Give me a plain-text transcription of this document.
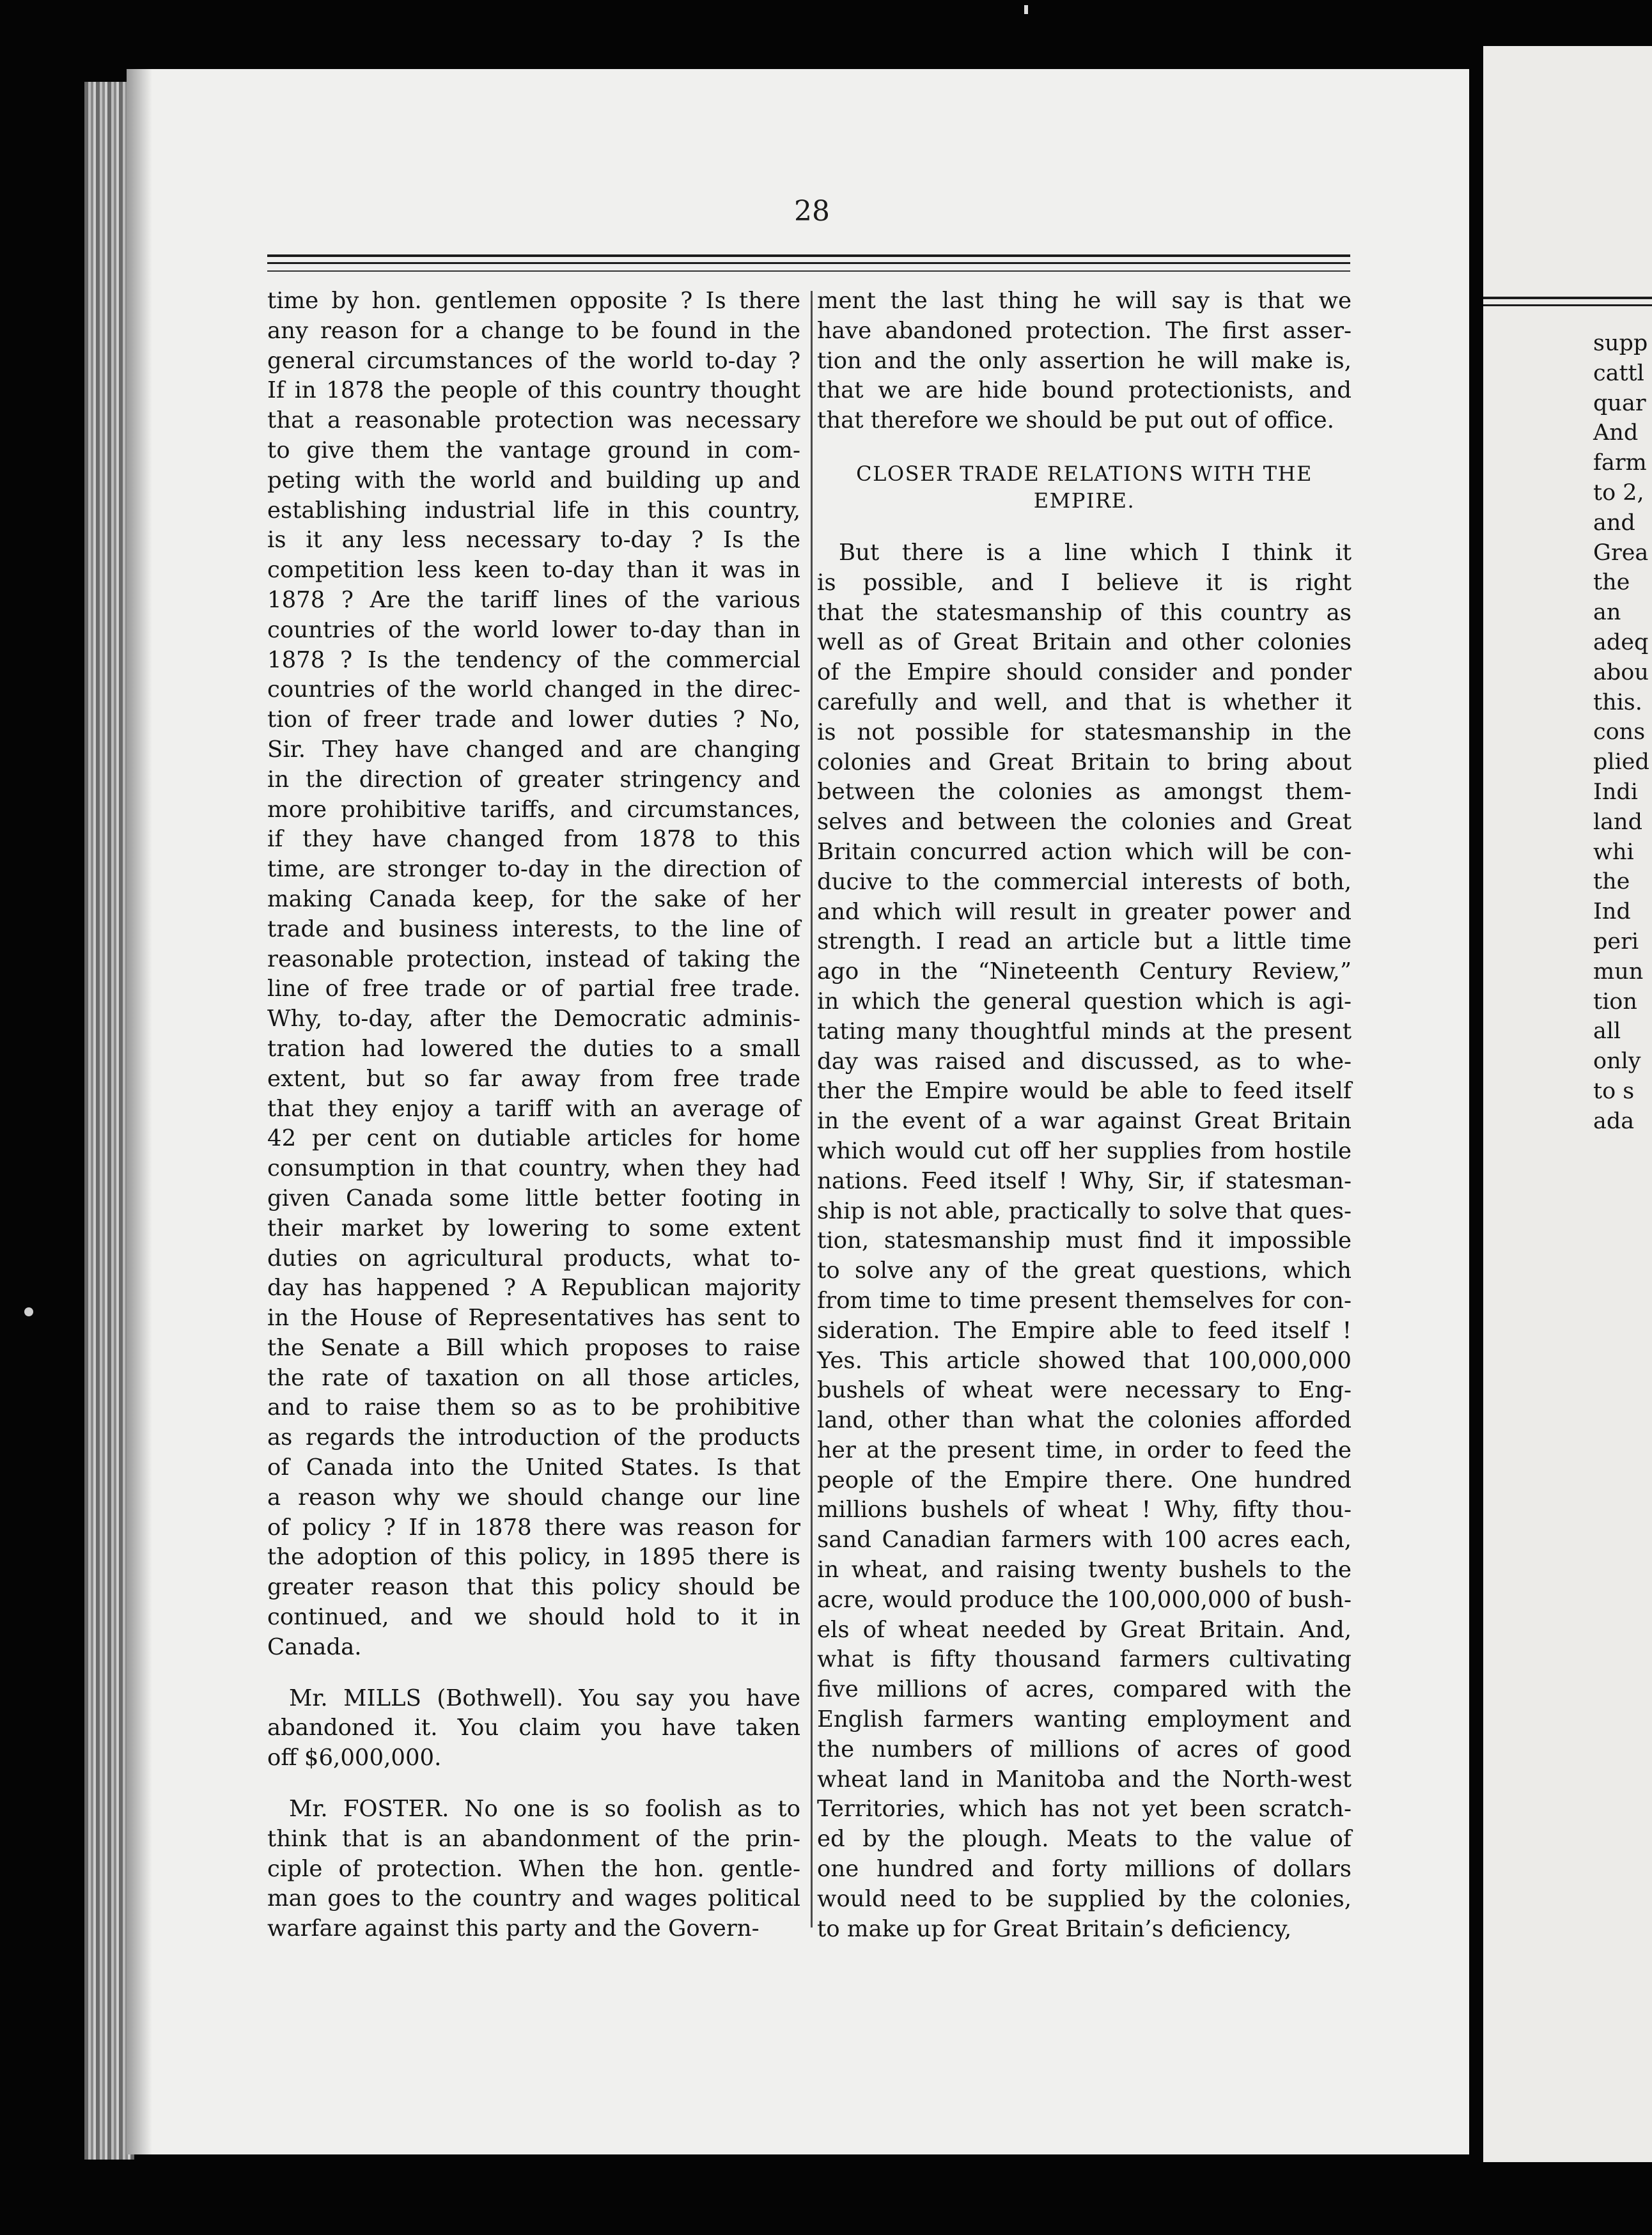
supp
cattl
quar
And
farm
to 2,
and
Grea
the
an
adeq
abou
this.
cons
plied
Indi
land
whi
the
Ind
peri
mun
tion
all
only
to s
ada
28

time by hon. gentlemen opposite ? Is there
any reason for a change to be found in the
general circumstances of the world to-day ?
If in 1878 the people of this country thought
that a reasonable protection was necessary
to give them the vantage ground in com-
peting with the world and building up and
establishing industrial life in this country,
is it any less necessary to-day ? Is the
competition less keen to-day than it was in
1878 ? Are the tariff lines of the various
countries of the world lower to-day than in
1878 ? Is the tendency of the commercial
countries of the world changed in the direc-
tion of freer trade and lower duties ? No,
Sir. They have changed and are changing
in the direction of greater stringency and
more prohibitive tariffs, and circumstances,
if they have changed from 1878 to this
time, are stronger to-day in the direction of
making Canada keep, for the sake of her
trade and business interests, to the line of
reasonable protection, instead of taking the
line of free trade or of partial free trade.
Why, to-day, after the Democratic adminis-
tration had lowered the duties to a small
extent, but so far away from free trade
that they enjoy a tariff with an average of
42 per cent on dutiable articles for home
consumption in that country, when they had
given Canada some little better footing in
their market by lowering to some extent
duties on agricultural products, what to-
day has happened ? A Republican majority
in the House of Representatives has sent to
the Senate a Bill which proposes to raise
the rate of taxation on all those articles,
and to raise them so as to be prohibitive
as regards the introduction of the products
of Canada into the United States. Is that
a reason why we should change our line
of policy ? If in 1878 there was reason for
the adoption of this policy, in 1895 there is
greater reason that this policy should be
continued, and we should hold to it in
Canada.

Mr. MILLS (Bothwell). You say you have
abandoned it. You claim you have taken
off $6,000,000.

Mr. FOSTER. No one is so foolish as to
think that is an abandonment of the prin-
ciple of protection. When the hon. gentle-
man goes to the country and wages political
warfare against this party and the Govern-

ment the last thing he will say is that we
have abandoned protection. The first asser-
tion and the only assertion he will make is,
that we are hide bound protectionists, and
that therefore we should be put out of office.

CLOSER TRADE RELATIONS WITH THE
EMPIRE.

But there is a line which I think it
is possible, and I believe it is right
that the statesmanship of this country as
well as of Great Britain and other colonies
of the Empire should consider and ponder
carefully and well, and that is whether it
is not possible for statesmanship in the
colonies and Great Britain to bring about
between the colonies as amongst them-
selves and between the colonies and Great
Britain concurred action which will be con-
ducive to the commercial interests of both,
and which will result in greater power and
strength. I read an article but a little time
ago in the “Nineteenth Century Review,”
in which the general question which is agi-
tating many thoughtful minds at the present
day was raised and discussed, as to whe-
ther the Empire would be able to feed itself
in the event of a war against Great Britain
which would cut off her supplies from hostile
nations. Feed itself ! Why, Sir, if statesman-
ship is not able, practically to solve that ques-
tion, statesmanship must find it impossible
to solve any of the great questions, which
from time to time present themselves for con-
sideration. The Empire able to feed itself !
Yes. This article showed that 100,000,000
bushels of wheat were necessary to Eng-
land, other than what the colonies afforded
her at the present time, in order to feed the
people of the Empire there. One hundred
millions bushels of wheat ! Why, fifty thou-
sand Canadian farmers with 100 acres each,
in wheat, and raising twenty bushels to the
acre, would produce the 100,000,000 of bush-
els of wheat needed by Great Britain. And,
what is fifty thousand farmers cultivating
five millions of acres, compared with the
English farmers wanting employment and
the numbers of millions of acres of good
wheat land in Manitoba and the North-west
Territories, which has not yet been scratch-
ed by the plough. Meats to the value of
one hundred and forty millions of dollars
would need to be supplied by the colonies,
to make up for Great Britain’s deficiency,
